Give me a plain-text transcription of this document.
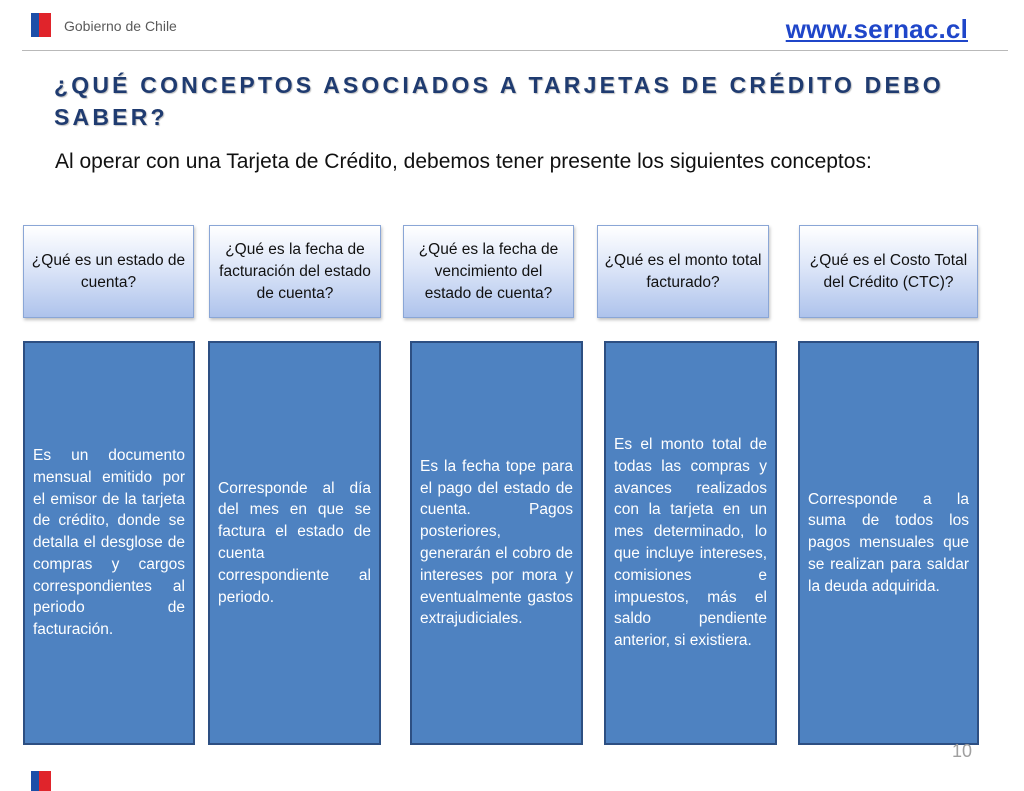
Gobierno de Chile	www.sernac.cl
¿QUÉ CONCEPTOS ASOCIADOS A TARJETAS DE CRÉDITO DEBO SABER?

Al operar con una Tarjeta de Crédito, debemos tener presente los siguientes conceptos:

¿Qué es un estado de cuenta?
¿Qué es la fecha de facturación del estado de cuenta?
¿Qué es la fecha de vencimiento del estado de cuenta?
¿Qué es el monto total facturado?
¿Qué es el Costo Total del Crédito (CTC)?
Es un documento mensual emitido por el emisor de la tarjeta de crédito, donde se detalla el desglose de compras y cargos correspondientes al periodo de facturación.
Corresponde al día del mes en que se factura el estado de cuenta correspondiente al periodo.
Es la fecha tope para el pago del estado de cuenta. Pagos posteriores, generarán el cobro de intereses por mora y eventualmente gastos extrajudiciales.
Es el monto total de todas las compras y avances realizados con la tarjeta en un mes determinado, lo que incluye intereses, comisiones e impuestos, más el saldo pendiente anterior, si existiera.
Corresponde a la suma de todos los pagos mensuales que se realizan para saldar la deuda adquirida.
10
